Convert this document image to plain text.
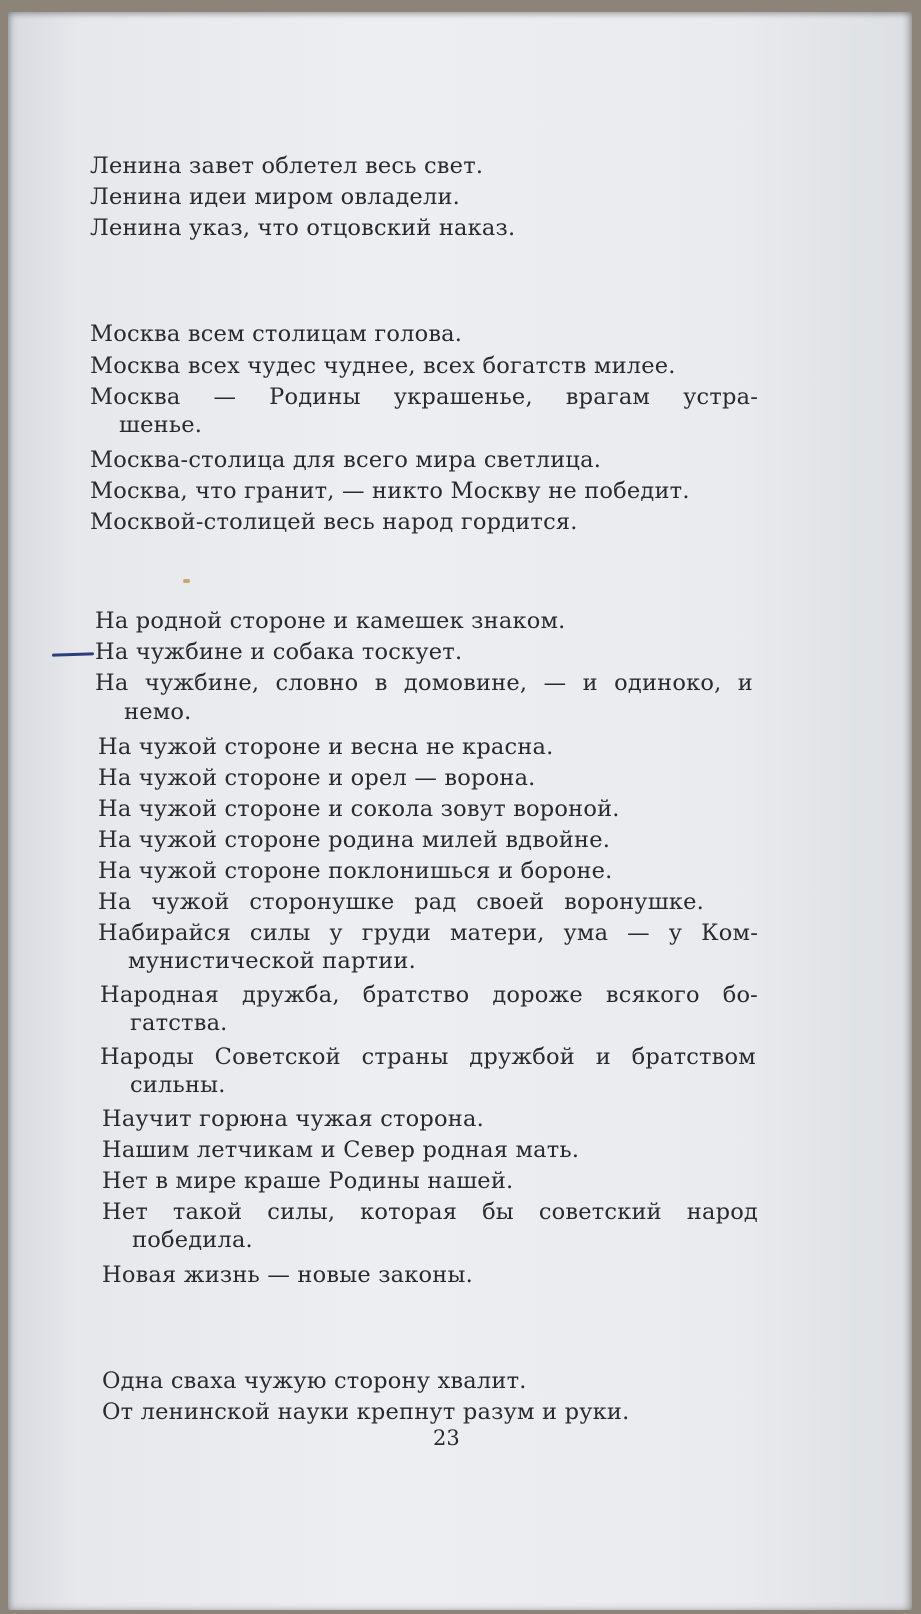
Ленина завет облетел весь свет.
Ленина идеи миром овладели.
Ленина указ, что отцовский наказ.
Москва всем столицам голова.
Москва всех чудес чуднее, всех богатств милее.
Москва — Родины украшенье, врагам устра-
шенье.
Москва-столица для всего мира светлица.
Москва, что гранит, — никто Москву не победит.
Москвой-столицей весь народ гордится.
На родной стороне и камешек знаком.
На чужбине и собака тоскует.
На чужбине, словно в домовине, — и одиноко, и
немо.
На чужой стороне и весна не красна.
На чужой стороне и орел — ворона.
На чужой стороне и сокола зовут вороной.
На чужой стороне родина милей вдвойне.
На чужой стороне поклонишься и бороне.
На чужой сторонушке рад своей воронушке.
Набирайся силы у груди матери, ума — у Ком-
мунистической партии.
Народная дружба, братство дороже всякого бо-
гатства.
Народы Советской страны дружбой и братством
сильны.
Научит горюна чужая сторона.
Нашим летчикам и Север родная мать.
Нет в мире краше Родины нашей.
Нет такой силы, которая бы советский народ
победила.
Новая жизнь — новые законы.
Одна сваха чужую сторону хвалит.
От ленинской науки крепнут разум и руки.
23
